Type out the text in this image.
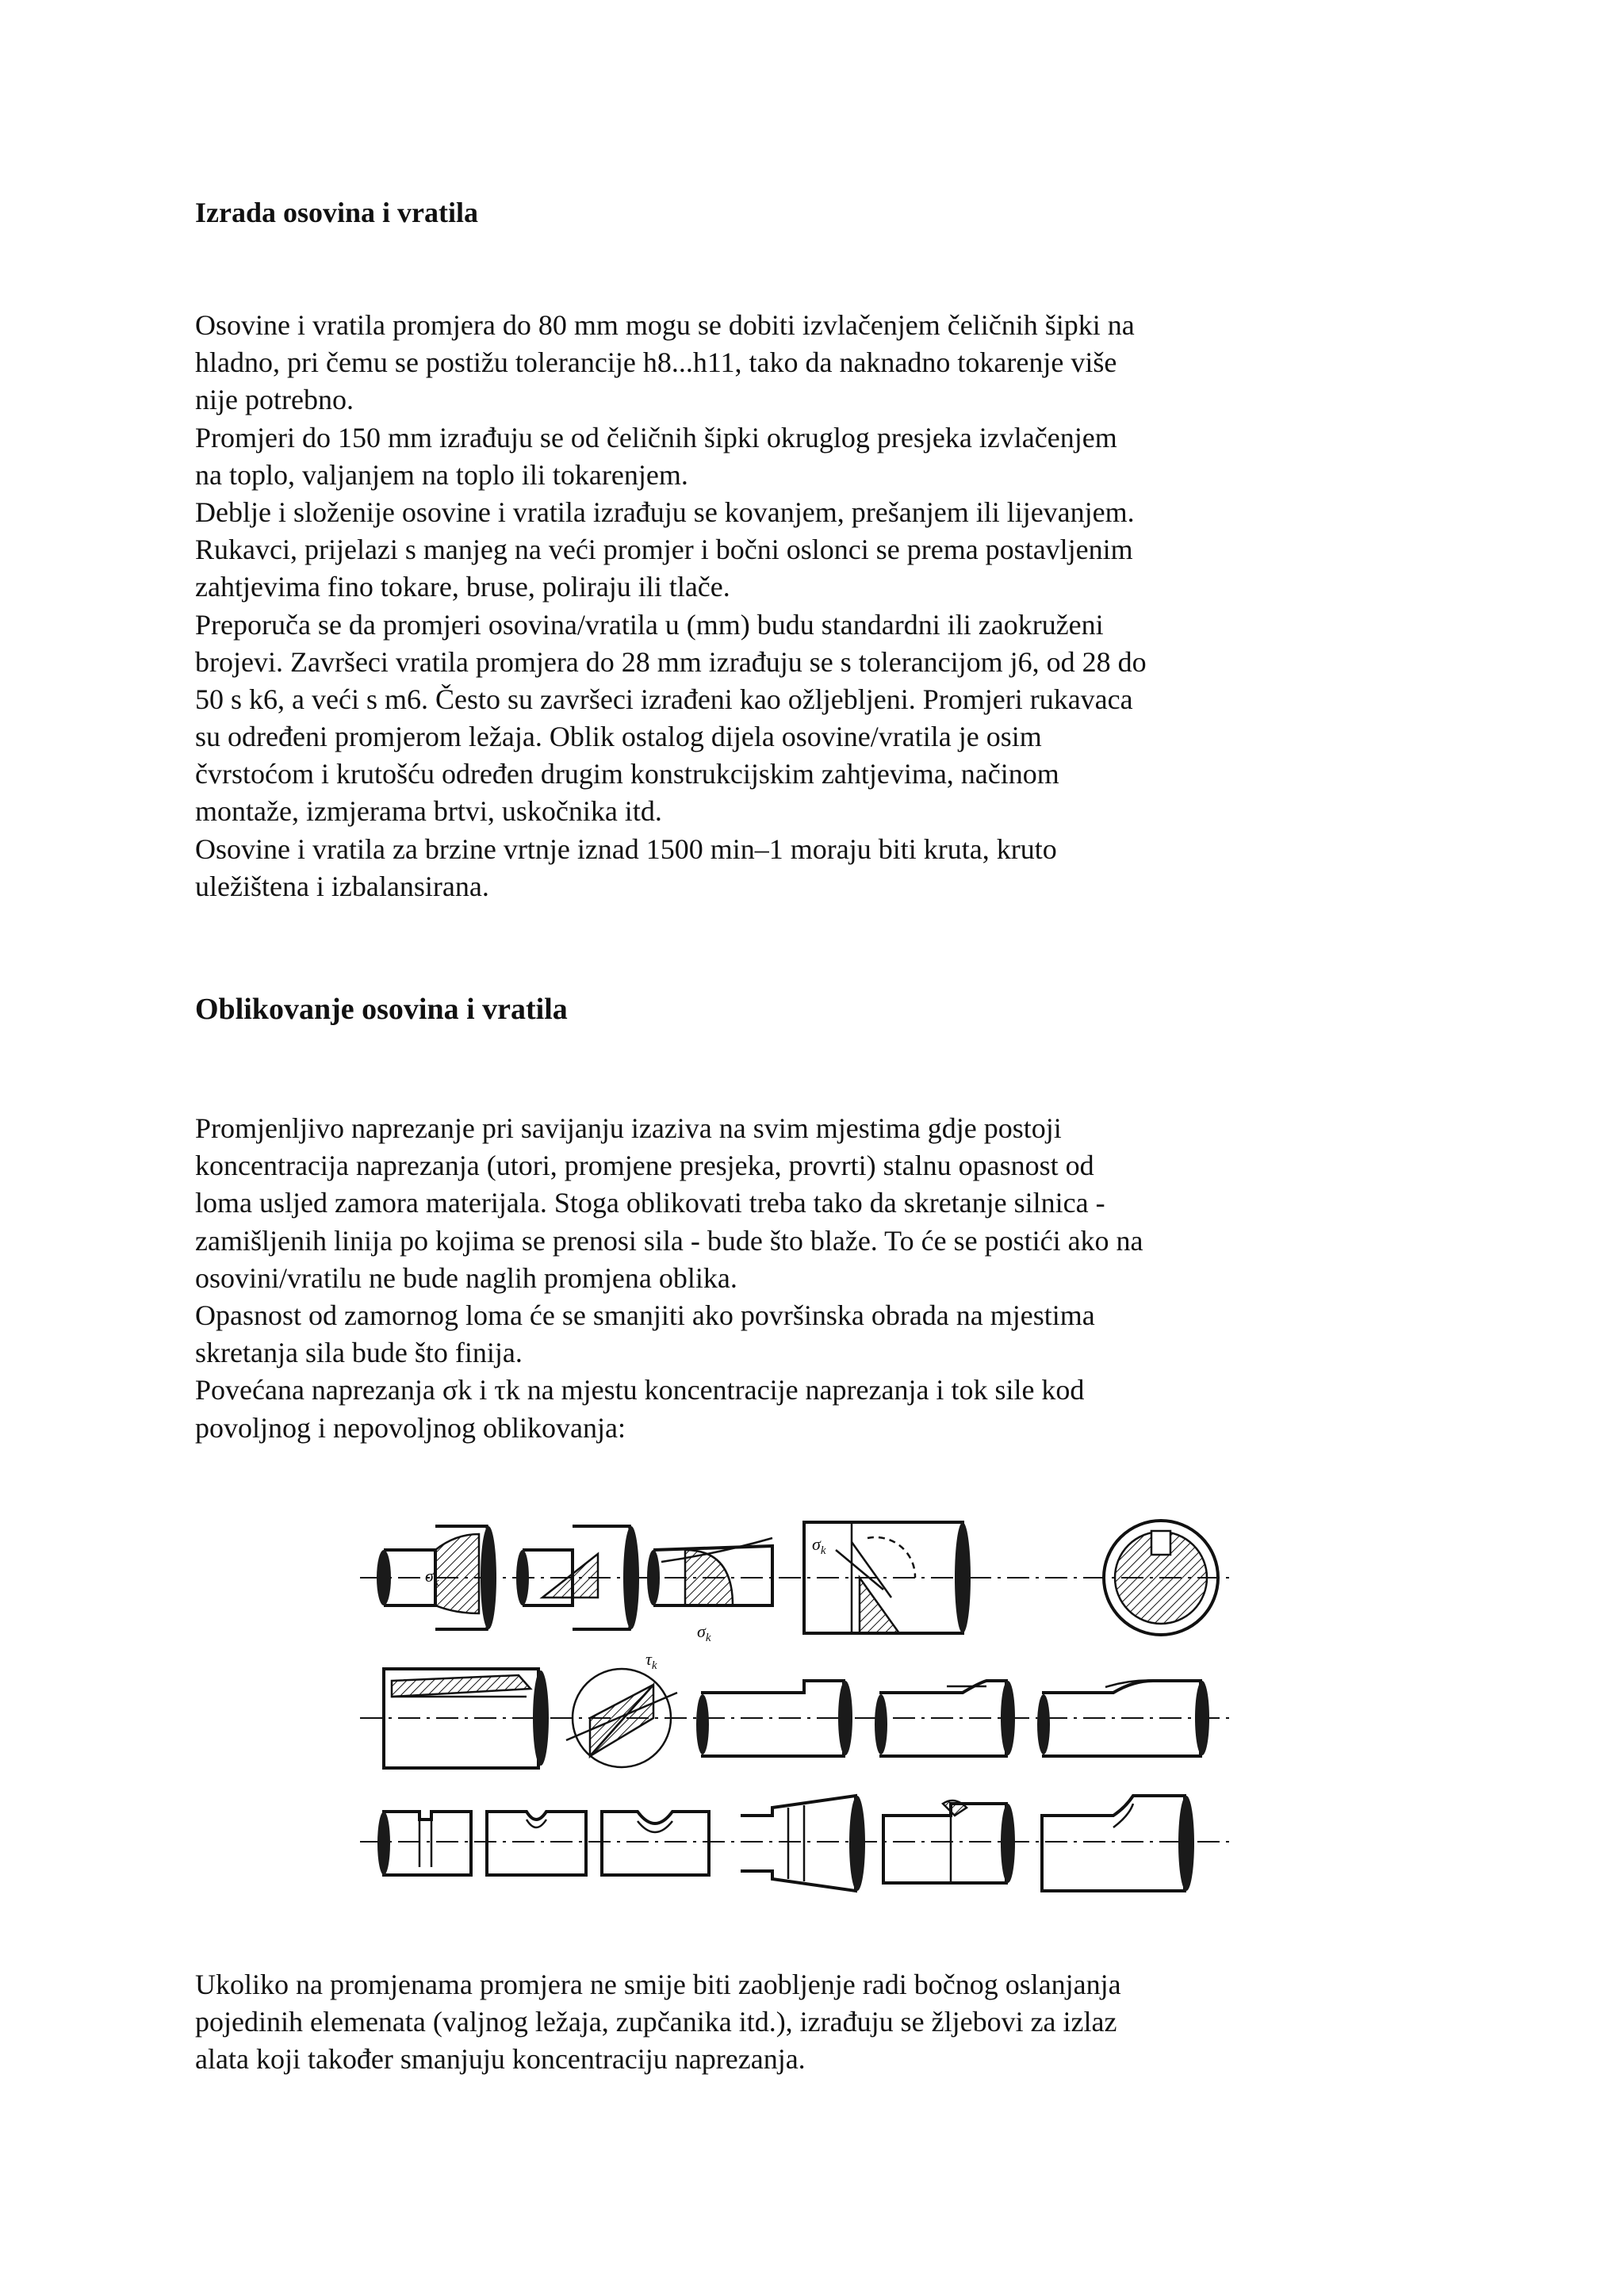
Izrada osovina i vratila
Osovine i vratila promjera do 80 mm mogu se dobiti izvlačenjem čeličnih šipki na
hladno, pri čemu se postižu tolerancije h8...h11, tako da naknadno tokarenje više
nije potrebno.
Promjeri do 150 mm izrađuju se od čeličnih šipki okruglog presjeka izvlačenjem
na toplo, valjanjem na toplo ili tokarenjem.
Deblje i složenije osovine i vratila izrađuju se kovanjem, prešanjem ili lijevanjem.
Rukavci, prijelazi s manjeg na veći promjer i bočni oslonci se prema postavljenim
zahtjevima fino tokare, bruse, poliraju ili tlače.
Preporuča se da promjeri osovina/vratila u (mm) budu standardni ili zaokruženi
brojevi. Završeci vratila promjera do 28 mm izrađuju se s tolerancijom j6, od 28 do
50 s k6, a veći s m6. Često su završeci izrađeni kao ožljebljeni. Promjeri rukavaca
su određeni promjerom ležaja. Oblik ostalog dijela osovine/vratila je osim
čvrstoćom i krutošću određen drugim konstrukcijskim zahtjevima, načinom
montaže, izmjerama brtvi, uskočnika itd.
Osovine i vratila za brzine vrtnje iznad 1500 min–1 moraju biti kruta, kruto
uležištena i izbalansirana.
Oblikovanje osovina i vratila
Promjenljivo naprezanje pri savijanju izaziva na svim mjestima gdje postoji
koncentracija naprezanja (utori, promjene presjeka, provrti) stalnu opasnost od
loma usljed zamora materijala. Stoga oblikovati treba tako da skretanje silnica -
zamišljenih linija po kojima se prenosi sila - bude što blaže. To će se postići ako na
osovini/vratilu ne bude naglih promjena oblika.
Opasnost od zamornog loma će se smanjiti ako površinska obrada na mjestima
skretanja sila bude što finija.
Povećana naprezanja σk i τk na mjestu koncentracije naprezanja i tok sile kod
povoljnog i nepovoljnog oblikovanja:
$\sigma_k$
$\sigma_k$
$\sigma_k$
$\tau_k$
Ukoliko na promjenama promjera ne smije biti zaobljenje radi bočnog oslanjanja
pojedinih elemenata (valjnog ležaja, zupčanika itd.), izrađuju se žljebovi za izlaz
alata koji također smanjuju koncentraciju naprezanja.
